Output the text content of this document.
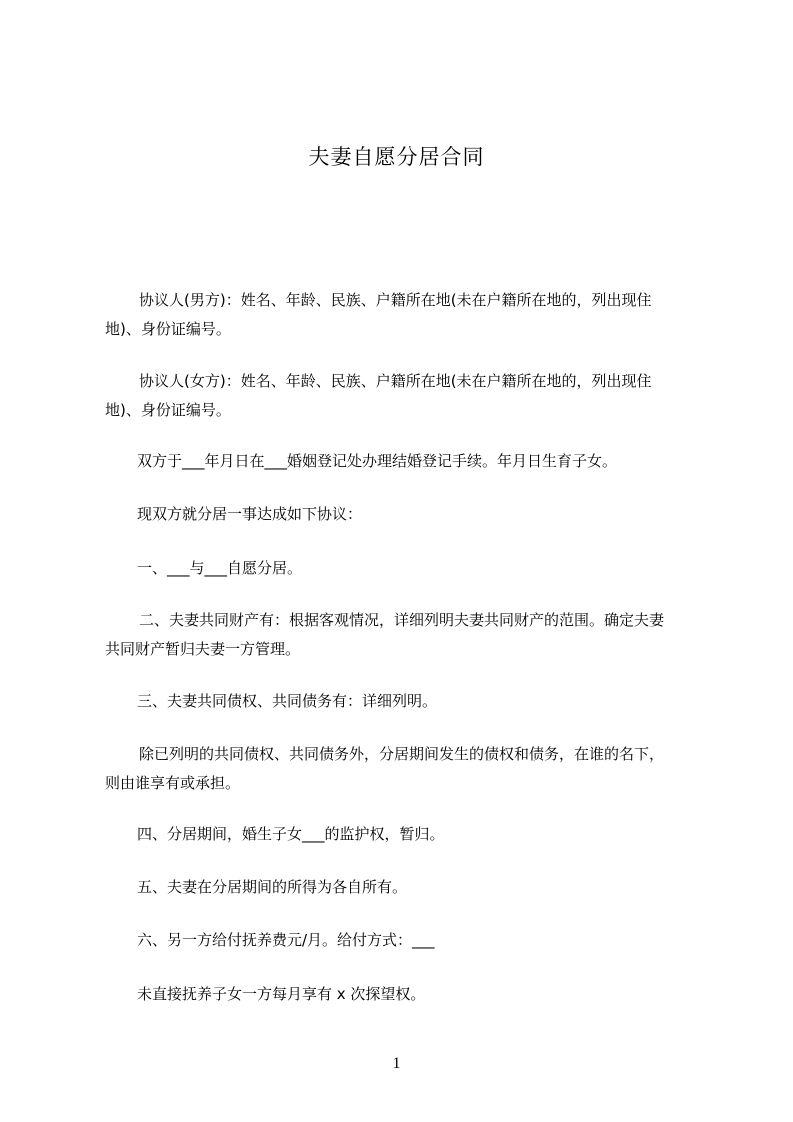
夫妻自愿分居合同
协议人(男方)：姓名、年龄、民族、户籍所在地(未在户籍所在地的，列出现住
地)、身份证编号。
协议人(女方)：姓名、年龄、民族、户籍所在地(未在户籍所在地的，列出现住
地)、身份证编号。
双方于___年月日在___婚姻登记处办理结婚登记手续。年月日生育子女。
现双方就分居一事达成如下协议：
一、___与___自愿分居。
二、夫妻共同财产有：根据客观情况，详细列明夫妻共同财产的范围。确定夫妻
共同财产暂归夫妻一方管理。
三、夫妻共同债权、共同债务有：详细列明。
除已列明的共同债权、共同债务外，分居期间发生的债权和债务，在谁的名下，
则由谁享有或承担。
四、分居期间，婚生子女___的监护权，暂归。
五、夫妻在分居期间的所得为各自所有。
六、另一方给付抚养费元/月。给付方式：___
未直接抚养子女一方每月享有 x 次探望权。
1
